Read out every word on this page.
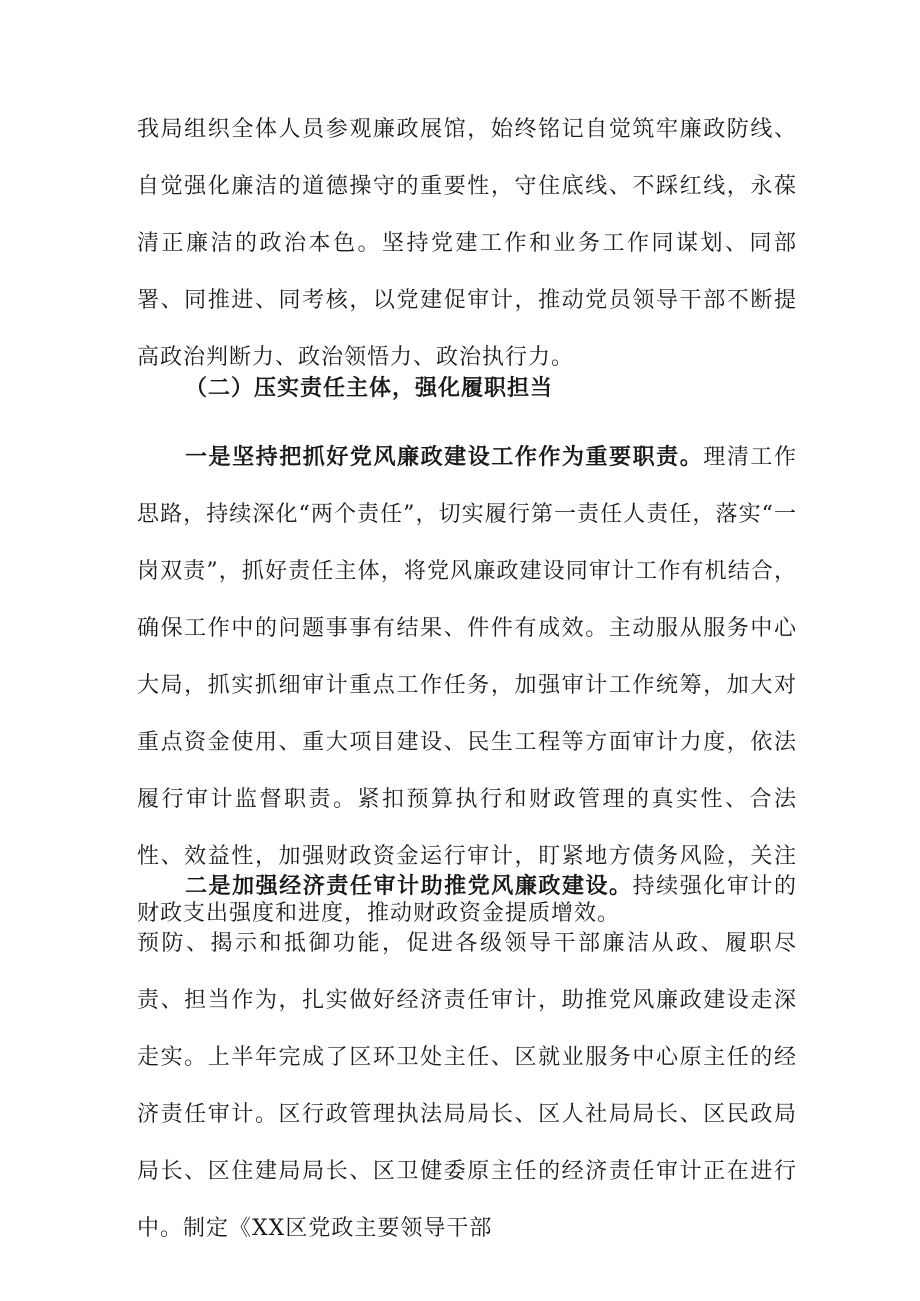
我局组织全体人员参观廉政展馆，始终铭记自觉筑牢廉政防线、自觉强化廉洁的道德操守的重要性，守住底线、不踩红线，永葆清正廉洁的政治本色。坚持党建工作和业务工作同谋划、同部署、同推进、同考核，以党建促审计，推动党员领导干部不断提高政治判断力、政治领悟力、政治执行力。

（二）压实责任主体，强化履职担当

一是坚持把抓好党风廉政建设工作作为重要职责。理清工作思路，持续深化“两个责任”，切实履行第一责任人责任，落实“一岗双责”，抓好责任主体，将党风廉政建设同审计工作有机结合，确保工作中的问题事事有结果、件件有成效。主动服从服务中心大局，抓实抓细审计重点工作任务，加强审计工作统筹，加大对重点资金使用、重大项目建设、民生工程等方面审计力度，依法履行审计监督职责。紧扣预算执行和财政管理的真实性、合法性、效益性，加强财政资金运行审计，盯紧地方债务风险，关注财政支出强度和进度，推动财政资金提质增效。

二是加强经济责任审计助推党风廉政建设。持续强化审计的预防、揭示和抵御功能，促进各级领导干部廉洁从政、履职尽责、担当作为，扎实做好经济责任审计，助推党风廉政建设走深走实。上半年完成了区环卫处主任、区就业服务中心原主任的经济责任审计。区行政管理执法局局长、区人社局局长、区民政局局长、区住建局局长、区卫健委原主任的经济责任审计正在进行中。制定《XX区党政主要领导干部
